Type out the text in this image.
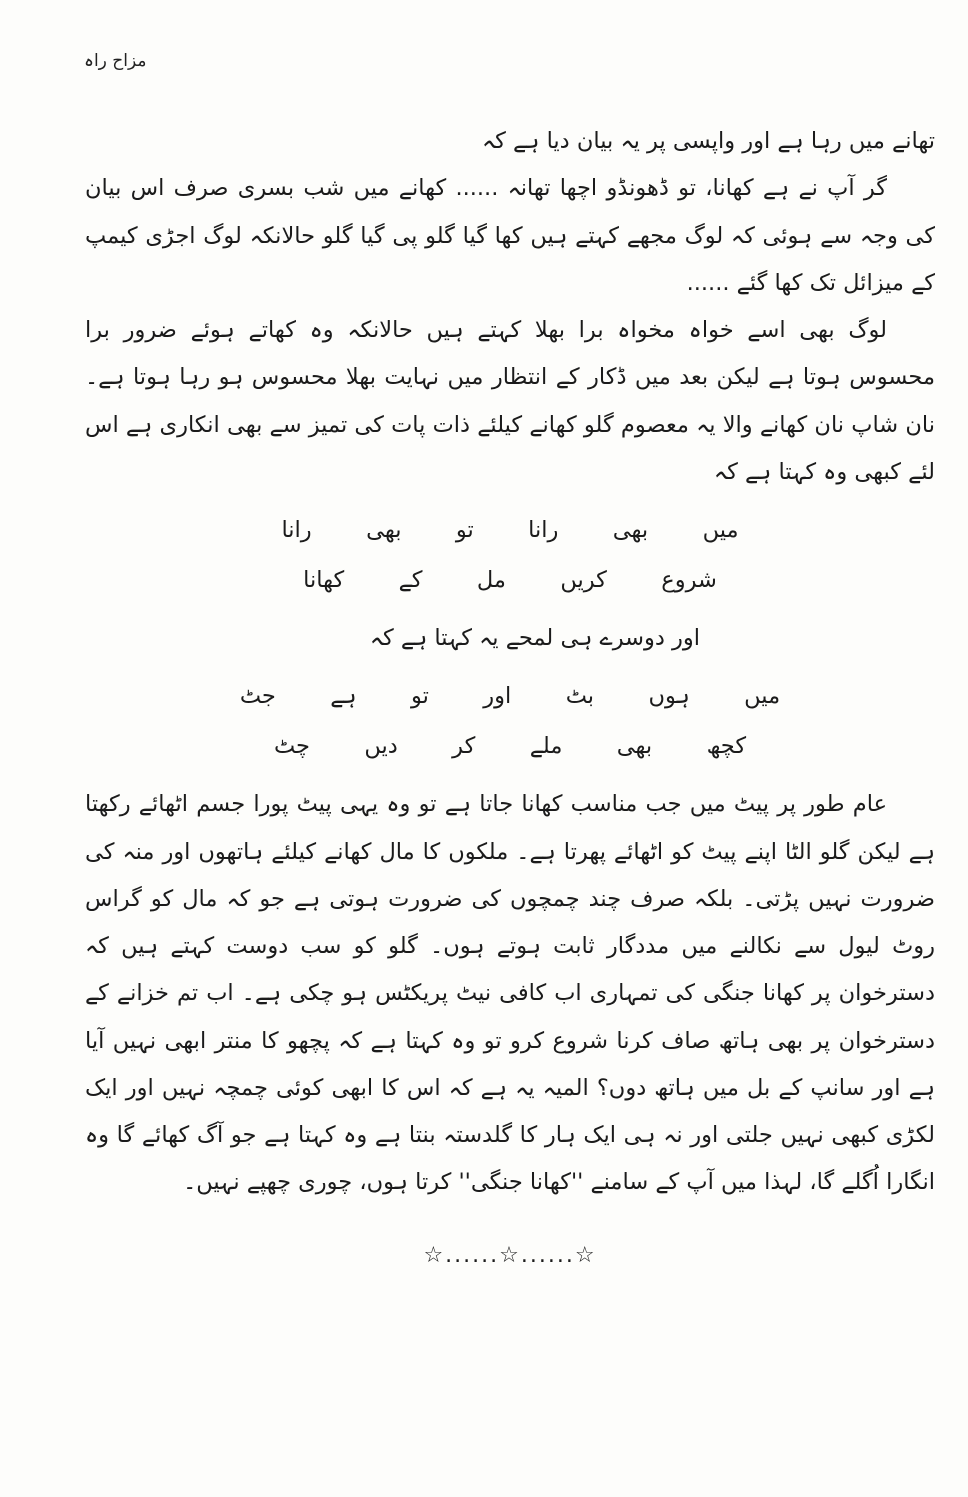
مزاح راہ

تھانے میں رہا ہے اور واپسی پر یہ بیان دیا ہے کہ

گر آپ نے ہے کھانا، تو ڈھونڈو اچھا تھانہ ...... کھانے میں شب بسری صرف اس بیان کی وجہ سے ہوئی کہ لوگ مجھے کہتے ہیں کھا گیا گلو پی گیا گلو حالانکہ لوگ اجڑی کیمپ کے میزائل تک کھا گئے ......

لوگ بھی اسے خواہ مخواہ برا بھلا کہتے ہیں حالانکہ وہ کھاتے ہوئے ضرور برا محسوس ہوتا ہے لیکن بعد میں ڈکار کے انتظار میں نہایت بھلا محسوس ہو رہا ہوتا ہے۔ نان شاپ نان کھانے والا یہ معصوم گلو کھانے کیلئے ذات پات کی تمیز سے بھی انکاری ہے اس لئے کبھی وہ کہتا ہے کہ

میں بھی رانا تو بھی رانا
شروع کریں مل کے کھانا

اور دوسرے ہی لمحے یہ کہتا ہے کہ

میں ہوں بٹ اور تو ہے جٹ
کچھ بھی ملے کر دیں چٹ

عام طور پر پیٹ میں جب مناسب کھانا جاتا ہے تو وہ یہی پیٹ پورا جسم اٹھائے رکھتا ہے لیکن گلو الٹا اپنے پیٹ کو اٹھائے پھرتا ہے۔ ملکوں کا مال کھانے کیلئے ہاتھوں اور منہ کی ضرورت نہیں پڑتی۔ بلکہ صرف چند چمچوں کی ضرورت ہوتی ہے جو کہ مال کو گراس روٹ لیول سے نکالنے میں مددگار ثابت ہوتے ہوں۔ گلو کو سب دوست کہتے ہیں کہ دسترخوان پر کھانا جنگی کی تمہاری اب کافی نیٹ پریکٹس ہو چکی ہے۔ اب تم خزانے کے دسترخوان پر بھی ہاتھ صاف کرنا شروع کرو تو وہ کہتا ہے کہ پچھو کا منتر ابھی نہیں آیا ہے اور سانپ کے بل میں ہاتھ دوں؟ المیہ یہ ہے کہ اس کا ابھی کوئی چمچہ نہیں اور ایک لکڑی کبھی نہیں جلتی اور نہ ہی ایک ہار کا گلدستہ بنتا ہے وہ کہتا ہے جو آگ کھائے گا وہ انگارا اُگلے گا، لہذا میں آپ کے سامنے ''کھانا جنگی'' کرتا ہوں، چوری چھپے نہیں۔

☆......☆......☆
